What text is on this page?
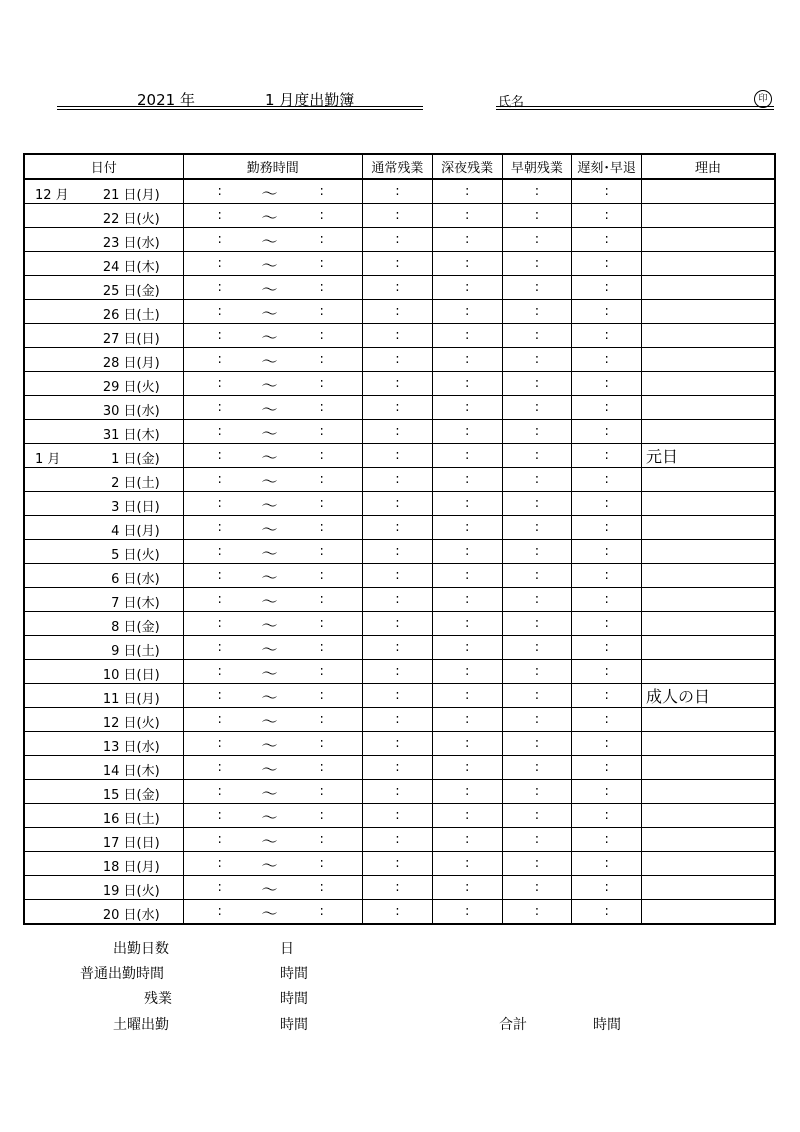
2021 年	1 月度出勤簿	氏名	印
日付	勤務時間	通常残業	深夜残業	早朝残業	遅刻･早退	理由

12 月 21 日 (月)	: 〜 :	:	:	:	:	

22 日 (火)	: 〜 :	:	:	:	:	

23 日 (水)	: 〜 :	:	:	:	:	

24 日 (木)	: 〜 :	:	:	:	:	

25 日 (金)	: 〜 :	:	:	:	:	

26 日 (土)	: 〜 :	:	:	:	:	

27 日 (日)	: 〜 :	:	:	:	:	

28 日 (月)	: 〜 :	:	:	:	:	

29 日 (火)	: 〜 :	:	:	:	:	

30 日 (水)	: 〜 :	:	:	:	:	

31 日 (木)	: 〜 :	:	:	:	:	

1 月 1 日 (金)	: 〜 :	:	:	:	:	元日

2 日 (土)	: 〜 :	:	:	:	:	

3 日 (日)	: 〜 :	:	:	:	:	

4 日 (月)	: 〜 :	:	:	:	:	

5 日 (火)	: 〜 :	:	:	:	:	

6 日 (水)	: 〜 :	:	:	:	:	

7 日 (木)	: 〜 :	:	:	:	:	

8 日 (金)	: 〜 :	:	:	:	:	

9 日 (土)	: 〜 :	:	:	:	:	

10 日 (日)	: 〜 :	:	:	:	:	

11 日 (月)	: 〜 :	:	:	:	:	成人の日

12 日 (火)	: 〜 :	:	:	:	:	

13 日 (水)	: 〜 :	:	:	:	:	

14 日 (木)	: 〜 :	:	:	:	:	

15 日 (金)	: 〜 :	:	:	:	:	

16 日 (土)	: 〜 :	:	:	:	:	

17 日 (日)	: 〜 :	:	:	:	:	

18 日 (月)	: 〜 :	:	:	:	:	

19 日 (火)	: 〜 :	:	:	:	:	

20 日 (水)	: 〜 :	:	:	:	:	
出勤日数	日
普通出勤時間	時間
残業	時間
土曜出勤	時間	合計	時間
